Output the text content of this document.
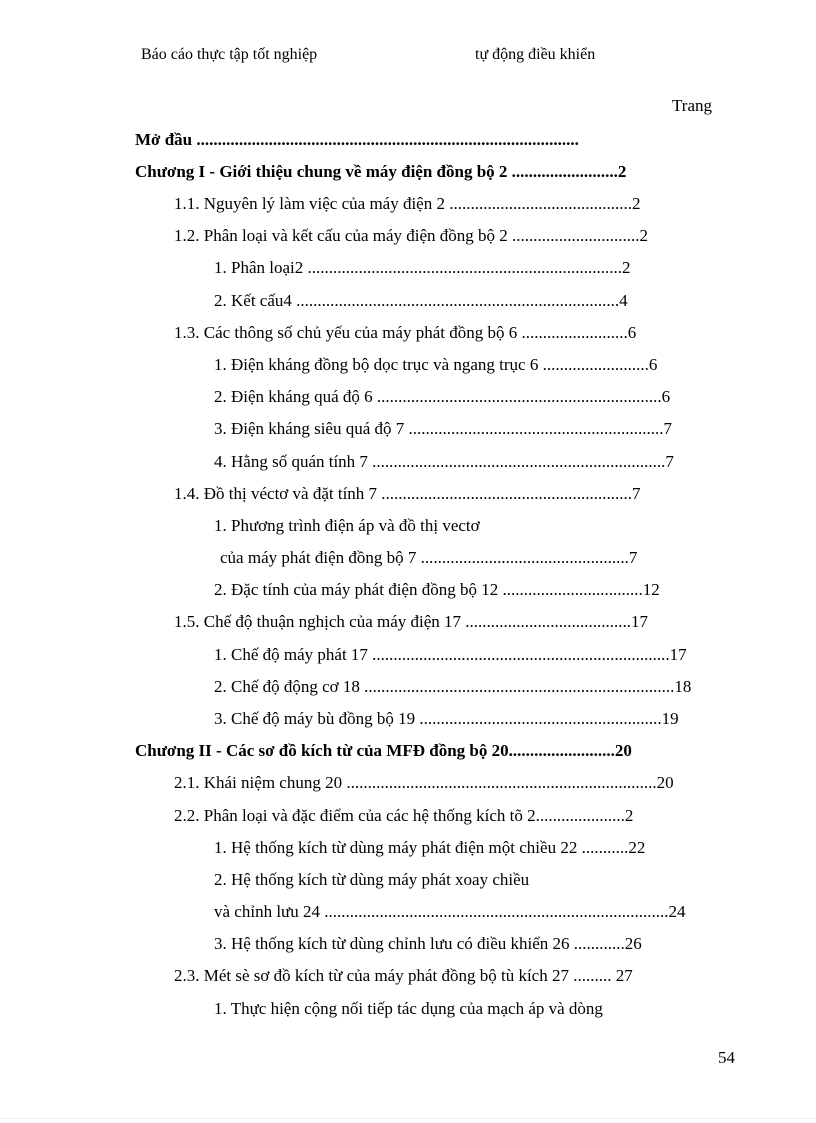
Báo cáo thực tập tốt nghiệp	tự động điều khiển
Trang
Mở đầu ..........................................................................................
Chương I - Giới thiệu chung về máy điện đồng bộ 2 .........................2
1.1. Nguyên lý làm việc của máy điện 2 ...........................................2
1.2. Phân loại và kết cấu của máy điện đồng bộ 2 ..............................2
1. Phân loại2 ..........................................................................2
2. Kết cấu4 ............................................................................4
1.3. Các thông số chủ yếu của máy phát đồng bộ 6 .........................6
1. Điện kháng đồng bộ dọc trục và ngang trục 6 .........................6
2. Điện kháng quá độ 6 ...................................................................6
3. Điện kháng siêu quá độ 7 ............................................................7
4. Hằng số quán tính 7 .....................................................................7
1.4. Đồ thị véctơ và đặt tính 7 ...........................................................7
1. Phương trình điện áp và đồ thị vectơ
của máy phát điện đồng bộ 7 .................................................7
2. Đặc tính của máy phát điện đồng bộ 12 .................................12
1.5. Chế độ thuận nghịch của máy điện 17 .......................................17
1. Chế độ máy phát 17 ......................................................................17
2. Chế độ động cơ 18 .........................................................................18
3. Chế độ máy bù đồng bộ 19 .........................................................19
Chương II - Các sơ đồ kích từ của MFĐ đồng bộ 20.........................20
2.1. Khái niệm chung 20 .........................................................................20
2.2. Phân loại và đặc điểm của các hệ thống kích tõ 2.....................2
1. Hệ thống kích từ dùng máy phát điện một chiều 22 ...........22
2. Hệ thống kích từ dùng máy phát xoay chiều
và chỉnh lưu 24 .................................................................................24
3. Hệ thống kích từ dùng chỉnh lưu có điều khiển 26 ............26
2.3. Mét sè sơ đồ kích từ của máy phát đồng bộ tù kích 27 ......... 27
1. Thực hiện cộng nối tiếp tác dụng của mạch áp và dòng
54
